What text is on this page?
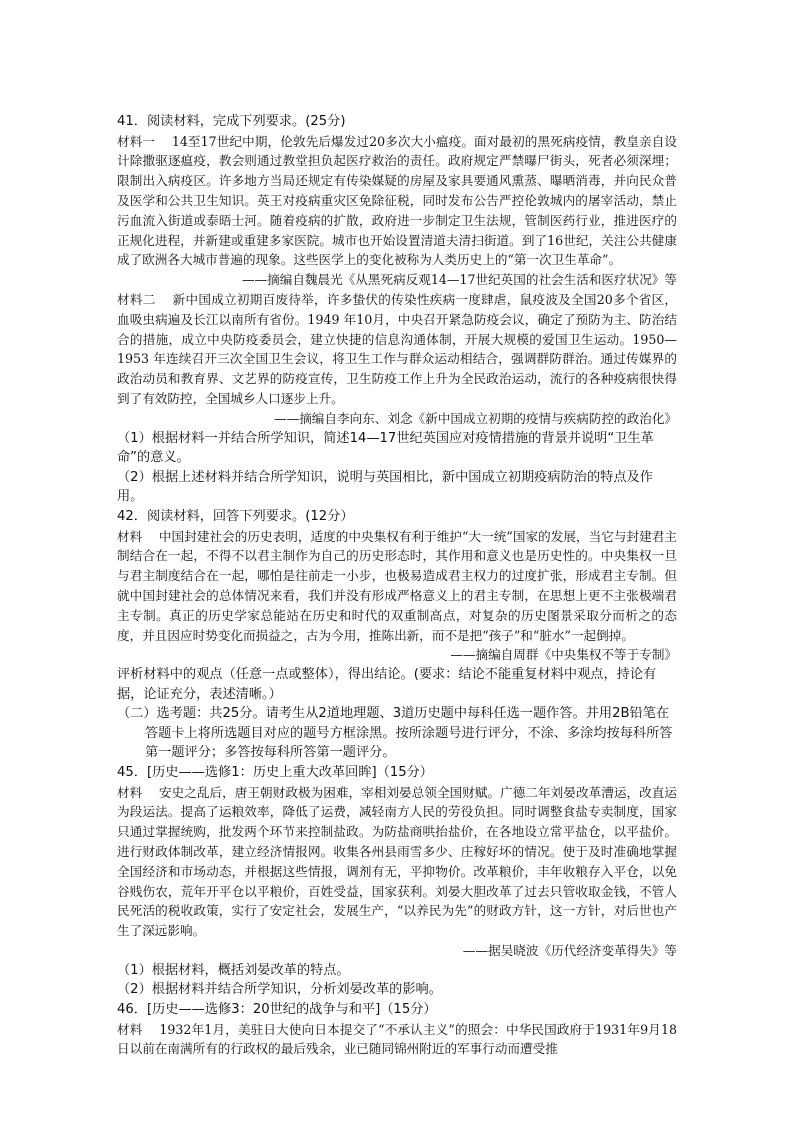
41．阅读材料，完成下列要求。(25分)

材料一　 14至17世纪中期，伦敦先后爆发过20多次大小瘟疫。面对最初的黑死病疫情，教皇亲自设计除撒驱逐瘟疫，教会则通过教堂担负起医疗救治的责任。政府规定严禁曝尸街头，死者必须深埋；限制出入病疫区。许多地方当局还规定有传染媒疑的房屋及家具要通风熏蒸、曝晒消毒，并向民众普及医学和公共卫生知识。英王对疫病重灾区免除征税，同时发布公告严控伦敦城内的屠宰活动，禁止污血流入街道或泰晤士河。随着疫病的扩散，政府进一步制定卫生法规，管制医药行业，推进医疗的正规化进程，并新建或重建多家医院。城市也开始设置清道夫清扫街道。到了16世纪，关注公共健康成了欧洲各大城市普遍的现象。这些医学上的变化被称为人类历史上的“第一次卫生革命”。

——摘编自魏晨光《从黑死病反观14—17世纪英国的社会生活和医疗状况》等

材料二　 新中国成立初期百废待举，许多蛰伏的传染性疾病一度肆虐，鼠疫波及全国20多个省区，血吸虫病遍及长江以南所有省份。1949 年10月，中央召开紧急防疫会议，确定了预防为主、防治结合的措施，成立中央防疫委员会，建立快捷的信息沟通体制，开展大规模的爱国卫生运动。1950—1953 年连续召开三次全国卫生会议，将卫生工作与群众运动相结合，强调群防群治。通过传媒界的政治动员和教育界、文艺界的防疫宣传，卫生防疫工作上升为全民政治运动，流行的各种疫病很快得到了有效防控，全国城乡人口逐步上升。

——摘编自李向东、刘念《新中国成立初期的疫情与疾病防控的政治化》

（1）根据材料一并结合所学知识，简述14—17世纪英国应对疫情措施的背景并说明“卫生革命”的意义。

（2）根据上述材料并结合所学知识，说明与英国相比，新中国成立初期疫病防治的特点及作用。

42．阅读材料，回答下列要求。(12分）

材料　 中国封建社会的历史表明，适度的中央集权有利于维护“大一统”国家的发展，当它与封建君主制结合在一起，不得不以君主制作为自己的历史形态时，其作用和意义也是历史性的。中央集权一旦与君主制度结合在一起，哪怕是往前走一小步，也极易造成君主权力的过度扩张，形成君主专制。但就中国封建社会的总体情况来看，我们并没有形成严格意义上的君主专制，在思想上更不主张极端君主专制。真正的历史学家总能站在历史和时代的双重制高点，对复杂的历史图景采取分而析之的态度，并且因应时势变化而损益之，古为今用，推陈出新，而不是把“孩子”和“脏水”一起倒掉。

——摘编自周群《中央集权不等于专制》

评析材料中的观点（任意一点或整体），得出结论。(要求：结论不能重复材料中观点，持论有据，论证充分，表述清晰。）

（二）选考题：共25分。请考生从2道地理题、3道历史题中每科任选一题作答。并用2B铅笔在答题卡上将所选题目对应的题号方框涂黑。按所涂题号进行评分，不涂、多涂均按每科所答第一题评分；多答按每科所答第一题评分。

45．[历史——选修1：历史上重大改革回眸]（15分）

材料　 安史之乱后，唐王朝财政极为困难，宰相刘晏总领全国财赋。广德二年刘晏改革漕运，改直运为段运法。提高了运粮效率，降低了运费，减轻南方人民的劳役负担。同时调整食盐专卖制度，国家只通过掌握统购，批发两个环节来控制盐政。为防盐商哄抬盐价，在各地设立常平盐仓，以平盐价。进行财政体制改革，建立经济情报网。收集各州县雨雪多少、庄稼好坏的情况。使于及时准确地掌握全国经济和市场动态，并根据这些情报，调剂有无，平抑物价。改革粮价，丰年收粮存入平仓，以免谷贱伤农，荒年开平仓以平粮价，百姓受益，国家获利。刘晏大胆改革了过去只管收取金钱，不管人民死活的税收政策，实行了安定社会，发展生产，“以养民为先”的财政方针，这一方针，对后世也产生了深远影响。

——据吴晓波《历代经济变革得失》等

（1）根据材料，概括刘晏改革的特点。

（2）根据材料并结合所学知识，分析刘晏改革的影响。

46．[历史——选修3：20世纪的战争与和平]（15分）

材料　 1932年1月，美驻日大使向日本提交了“不承认主义”的照会：中华民国政府于1931年9月18日以前在南满所有的行政权的最后残余，业已随同锦州附近的军事行动而遭受推
